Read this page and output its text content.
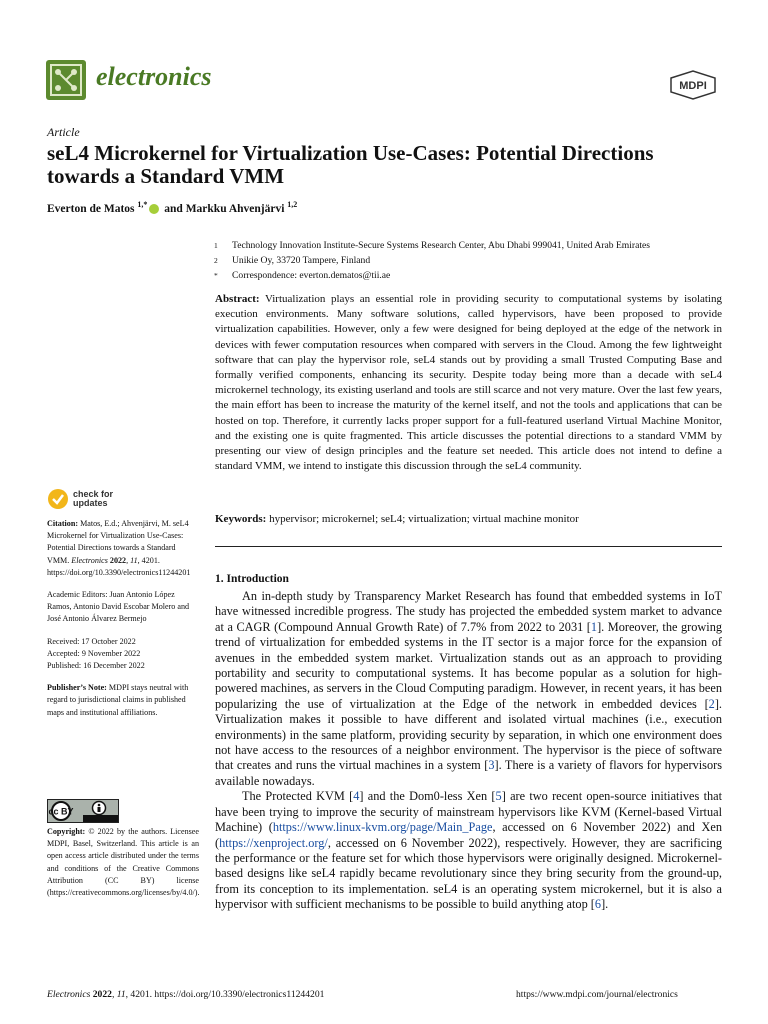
electronics	MDPI
Article
seL4 Microkernel for Virtualization Use-Cases: Potential Directions towards a Standard VMM
Everton de Matos $^{1,*}$ and Markku Ahvenjärvi $^{1,2}$
1 Technology Innovation Institute-Secure Systems Research Center, Abu Dhabi 999041, United Arab Emirates
2 Unikie Oy, 33720 Tampere, Finland
* Correspondence: everton.dematos@tii.ae
Abstract: Virtualization plays an essential role in providing security to computational systems by isolating execution environments. Many software solutions, called hypervisors, have been proposed to provide virtualization capabilities. However, only a few were designed for being deployed at the edge of the network in devices with fewer computation resources when compared with servers in the Cloud. Among the few lightweight software that can play the hypervisor role, seL4 stands out by providing a small Trusted Computing Base and formally verified components, enhancing its security. Despite today being more than a decade with seL4 microkernel technology, its existing userland and tools are still scarce and not very mature. Over the last few years, the main effort has been to increase the maturity of the kernel itself, and not the tools and applications that can be hosted on top. Therefore, it currently lacks proper support for a full-featured userland Virtual Machine Monitor, and the existing one is quite fragmented. This article discusses the potential directions to a standard VMM by presenting our view of design principles and the feature set needed. This article does not intend to define a standard VMM, we intend to instigate this discussion through the seL4 community.
Keywords: hypervisor; microkernel; seL4; virtualization; virtual machine monitor
1. Introduction

An in-depth study by Transparency Market Research has found that embedded systems in IoT have witnessed incredible progress. The study has projected the embedded system market to advance at a CAGR (Compound Annual Growth Rate) of 7.7% from 2022 to 2031 [1]. Moreover, the growing trend of virtualization for embedded systems in the IT sector is a major force for the expansion of avenues in the embedded system market. Virtualization stands out as an approach to providing portability and security to computational systems. It has become popular as a solution for high-powered machines, as servers in the Cloud Computing paradigm. However, in recent years, it has been popularizing the use of virtualization at the Edge of the network in embedded devices [2]. Virtualization makes it possible to have different and isolated virtual machines (i.e., execution environments) in the same platform, providing security by separation, in which one environment does not have access to the resources of a neighbor environment. The hypervisor is the piece of software that creates and runs the virtual machines in a system [3]. There is a variety of flavors for hypervisors available nowadays.

The Protected KVM [4] and the Dom0-less Xen [5] are two recent open-source initiatives that have been trying to improve the security of mainstream hypervisors like KVM (Kernel-based Virtual Machine) (https://www.linux-kvm.org/page/Main_Page, accessed on 6 November 2022) and Xen (https://xenproject.org/, accessed on 6 November 2022), respectively. However, they are sacrificing the performance or the feature set for which those hypervisors were originally designed. Microkernel-based designs like seL4 rapidly became revolutionary since they bring security from the ground-up, from its conception to its implementation. seL4 is an operating system microkernel, but it is also a hypervisor with sufficient mechanisms to be possible to build anything atop [6].

check for
updates

Citation: Matos, E.d.; Ahvenjärvi, M. seL4 Microkernel for Virtualization Use-Cases: Potential Directions towards a Standard VMM. Electronics 2022, 11, 4201. https://doi.org/10.3390/electronics11244201

Academic Editors: Juan Antonio López Ramos, Antonio David Escobar Molero and José Antonio Álvarez Bermejo

Received: 17 October 2022
Accepted: 9 November 2022
Published: 16 December 2022

Publisher’s Note: MDPI stays neutral with regard to jurisdictional claims in published maps and institutional affiliations.

cc BY

Copyright: © 2022 by the authors. Licensee MDPI, Basel, Switzerland. This article is an open access article distributed under the terms and conditions of the Creative Commons Attribution (CC BY) license (https://creativecommons.org/licenses/by/4.0/).

Electronics 2022, 11, 4201. https://doi.org/10.3390/electronics11244201	https://www.mdpi.com/journal/electronics
